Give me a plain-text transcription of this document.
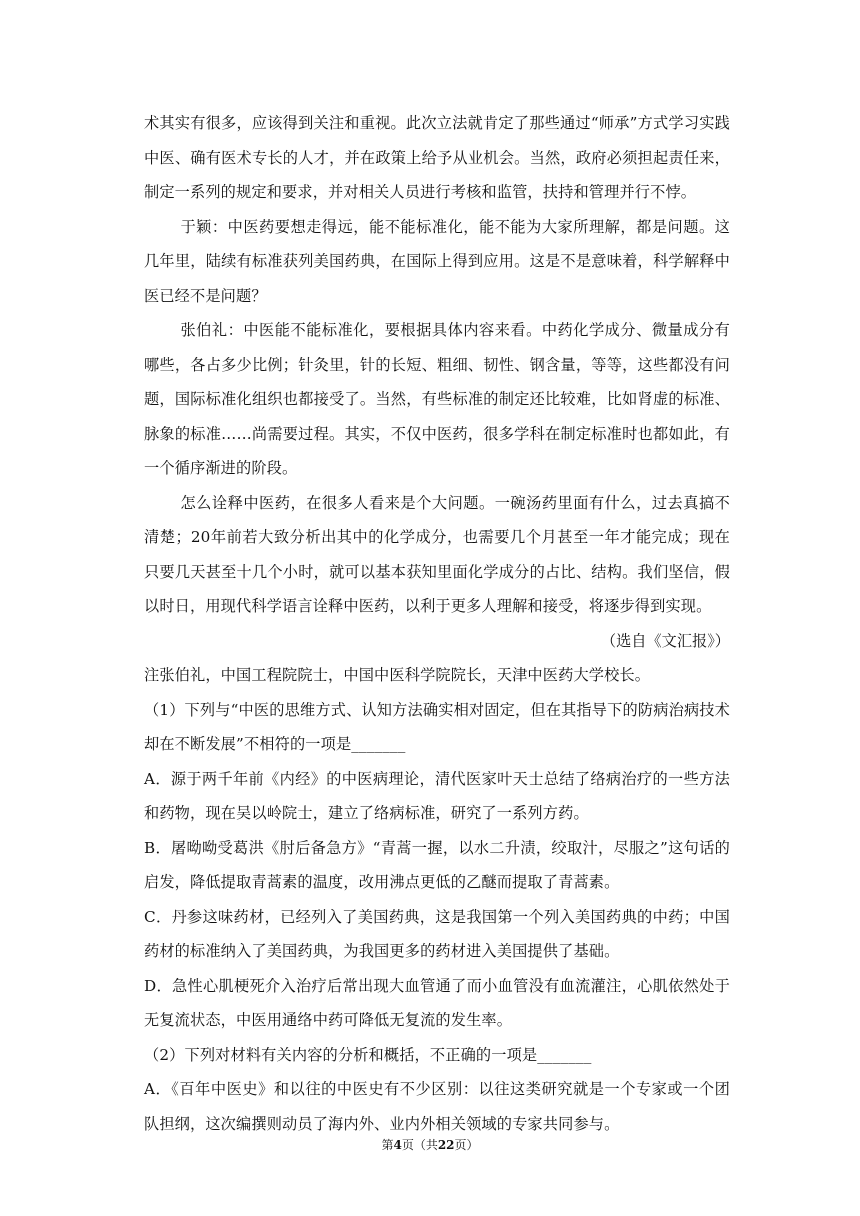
术其实有很多，应该得到关注和重视。此次立法就肯定了那些通过“师承”方式学习实践中医、确有医术专长的人才，并在政策上给予从业机会。当然，政府必须担起责任来，制定一系列的规定和要求，并对相关人员进行考核和监管，扶持和管理并行不悖。

于颖：中医药要想走得远，能不能标准化，能不能为大家所理解，都是问题。这几年里，陆续有标准获列美国药典，在国际上得到应用。这是不是意味着，科学解释中医已经不是问题？

张伯礼：中医能不能标准化，要根据具体内容来看。中药化学成分、微量成分有哪些，各占多少比例；针灸里，针的长短、粗细、韧性、钢含量，等等，这些都没有问题，国际标准化组织也都接受了。当然，有些标准的制定还比较难，比如肾虚的标准、脉象的标准……尚需要过程。其实，不仅中医药，很多学科在制定标准时也都如此，有一个循序渐进的阶段。

怎么诠释中医药，在很多人看来是个大问题。一碗汤药里面有什么，过去真搞不清楚；20年前若大致分析出其中的化学成分，也需要几个月甚至一年才能完成；现在只要几天甚至十几个小时，就可以基本获知里面化学成分的占比、结构。我们坚信，假以时日，用现代科学语言诠释中医药，以利于更多人理解和接受，将逐步得到实现。

（选自《文汇报》）

注张伯礼，中国工程院院士，中国中医科学院院长，天津中医药大学校长。

（1）下列与“中医的思维方式、认知方法确实相对固定，但在其指导下的防病治病技术却在不断发展”不相符的一项是_______

A．源于两千年前《内经》的中医病理论，清代医家叶天士总结了络病治疗的一些方法和药物，现在吴以岭院士，建立了络病标准，研究了一系列方药。

B．屠呦呦受葛洪《肘后备急方》“青蒿一握，以水二升渍，绞取汁，尽服之”这句话的启发，降低提取青蒿素的温度，改用沸点更低的乙醚而提取了青蒿素。

C．丹参这味药材，已经列入了美国药典，这是我国第一个列入美国药典的中药；中国药材的标准纳入了美国药典，为我国更多的药材进入美国提供了基础。

D．急性心肌梗死介入治疗后常出现大血管通了而小血管没有血流灌注，心肌依然处于无复流状态，中医用通络中药可降低无复流的发生率。

（2）下列对材料有关内容的分析和概括，不正确的一项是_______

A．《百年中医史》和以往的中医史有不少区别：以往这类研究就是一个专家或一个团队担纲，这次编撰则动员了海内外、业内外相关领域的专家共同参与。

第4页（共22页）
